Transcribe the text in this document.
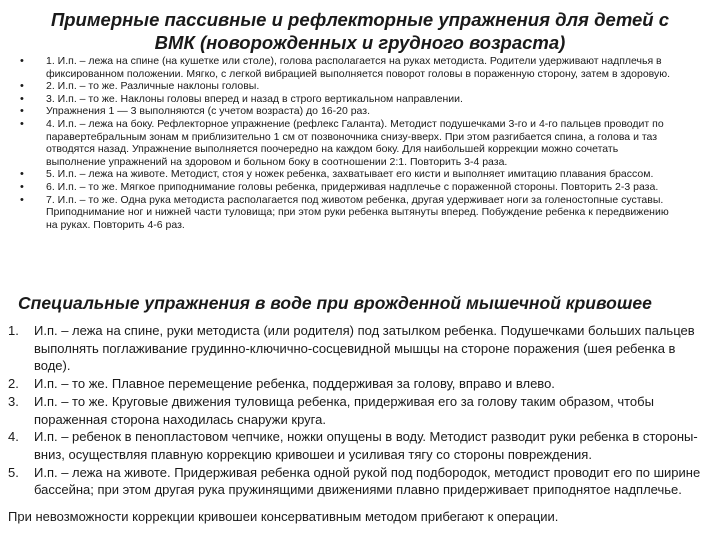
Примерные пассивные и рефлекторные упражнения для детей с ВМК (новорожденных и грудного возраста)
• 1. И.п. – лежа на спине (на кушетке или столе), голова располагается на руках методиста. Родители удерживают надплечья в фиксированном положении. Мягко, с легкой вибрацией выполняется поворот головы в пораженную сторону, затем в здоровую.
• 2. И.п. – то же. Различные наклоны головы.
• 3. И.п. – то же. Наклоны головы вперед и назад в строго вертикальном направлении.
• Упражнения 1 — 3 выполняются (с учетом возраста) до 16-20 раз.
• 4. И.п. – лежа на боку. Рефлекторное упражнение (рефлекс Галанта). Методист подушечками 3-го и 4-го пальцев проводит по паравертебральным зонам м приблизительно 1 см от позвоночника снизу-вверх. При этом разгибается спина, а голова и таз отводятся назад. Упражнение выполняется поочередно на каждом боку. Для наибольшей коррекции можно сочетать выполнение упражнений на здоровом и больном боку в соотношении 2:1. Повторить 3-4 раза.
• 5. И.п. – лежа на животе. Методист, стоя у ножек ребенка, захватывает его кисти и выполняет имитацию плавания брассом.
• 6. И.п. – то же. Мягкое приподнимание головы ребенка, придерживая надплечье с пораженной стороны. Повторить 2-3 раза.
• 7. И.п. – то же. Одна рука методиста располагается под животом ребенка, другая удерживает ноги за голеностопные суставы. Приподнимание ног и нижней части туловища; при этом руки ребенка вытянуты вперед. Побуждение ребенка к передвижению на руках. Повторить 4-6 раз.
Специальные упражнения в воде при врожденной мышечной кривошее
1. И.п. – лежа на спине, руки методиста (или родителя) под затылком ребенка. Подушечками больших пальцев выполнять поглаживание грудинно-ключично-сосцевидной мышцы на стороне поражения (шея ребенка в воде).
2. И.п. – то же. Плавное перемещение ребенка, поддерживая за голову, вправо и влево.
3. И.п. – то же. Круговые движения туловища ребенка, придерживая его за голову таким образом, чтобы пораженная сторона находилась снаружи круга.
4. И.п. – ребенок в пенопластовом чепчике, ножки опущены в воду. Методист разводит руки ребенка в стороны-вниз, осуществляя плавную коррекцию кривошеи и усиливая тягу со стороны повреждения.
5. И.п. – лежа на животе. Придерживая ребенка одной рукой под подбородок, методист проводит его по ширине бассейна; при этом другая рука пружинящими движениями плавно придерживает приподнятое надплечье.

При невозможности коррекции кривошеи консервативным методом прибегают к операции.
